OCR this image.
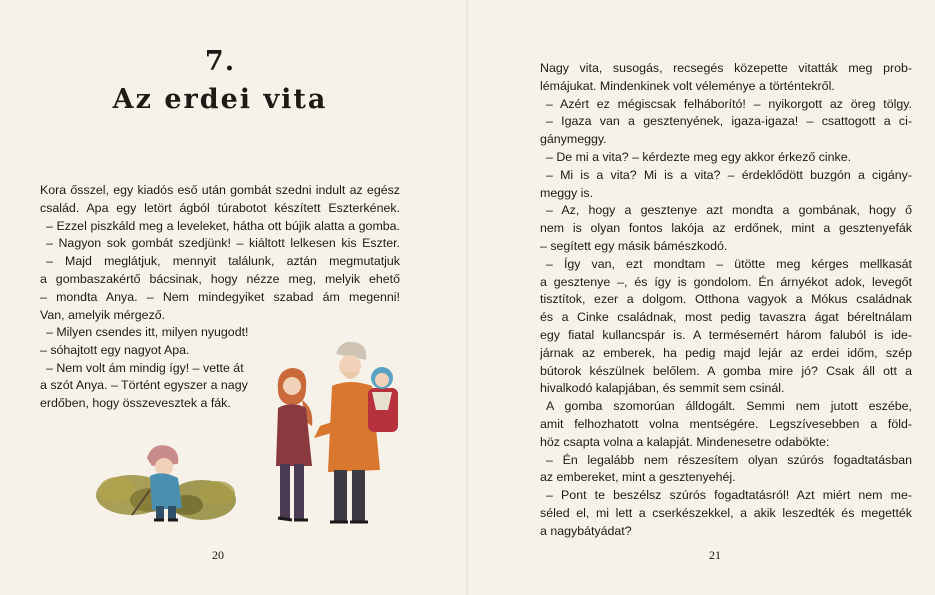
7.
Az erdei vita
Kora ősszel, egy kiadós eső után gombát szedni indult az egész
család. Apa egy letört ágból túrabotot készített Eszterkének.
– Ezzel piszkáld meg a leveleket, hátha ott bújik alatta a gomba.
– Nagyon sok gombát szedjünk! – kiáltott lelkesen kis Eszter.
– Majd meglátjuk, mennyit találunk, aztán megmutatjuk
a gombaszakértő bácsinak, hogy nézze meg, melyik ehető
– mondta Anya. – Nem mindegyiket szabad ám megenni!
Van, amelyik mérgező.
– Milyen csendes itt, milyen nyugodt!
– sóhajtott egy nagyot Apa.
– Nem volt ám mindig így! – vette át
a szót Anya. – Történt egyszer a nagy
erdőben, hogy összevesztek a fák.
20
Nagy vita, susogás, recsegés közepette vitatták meg prob-
lémájukat. Mindenkinek volt véleménye a történtekről.
– Azért ez mégiscsak felháborító! – nyikorgott az öreg tölgy.
– Igaza van a gesztenyének, igaza-igaza! – csattogott a ci-
gánymeggy.
– De mi a vita? – kérdezte meg egy akkor érkező cinke.
– Mi is a vita? Mi is a vita? – érdeklődött buzgón a cigány-
meggy is.
– Az, hogy a gesztenye azt mondta a gombának, hogy ő
nem is olyan fontos lakója az erdőnek, mint a gesztenyefák
– segített egy másik bámészkodó.
– Így van, ezt mondtam – ütötte meg kérges mellkasát
a gesztenye –, és így is gondolom. Én árnyékot adok, levegőt
tisztítok, ezer a dolgom. Otthona vagyok a Mókus családnak
és a Cinke családnak, most pedig tavaszra ágat béreltnálam
egy fiatal kullancspár is. A termésemért három faluból is ide-
járnak az emberek, ha pedig majd lejár az erdei időm, szép
bútorok készülnek belőlem. A gomba mire jó? Csak áll ott a
hivalkodó kalapjában, és semmit sem csinál.
A gomba szomorúan álldogált. Semmi nem jutott eszébe,
amit felhozhatott volna mentségére. Legszívesebben a föld-
höz csapta volna a kalapját. Mindenesetre odaböktе:
– Én legalább nem részesítem olyan szúrós fogadtatásban
az embereket, mint a gesztenyehéj.
– Pont te beszélsz szúrós fogadtatásról! Azt miért nem me-
séled el, mi lett a cserkészekkel, a akik leszedték és megették
a nagybátyádat?
21
